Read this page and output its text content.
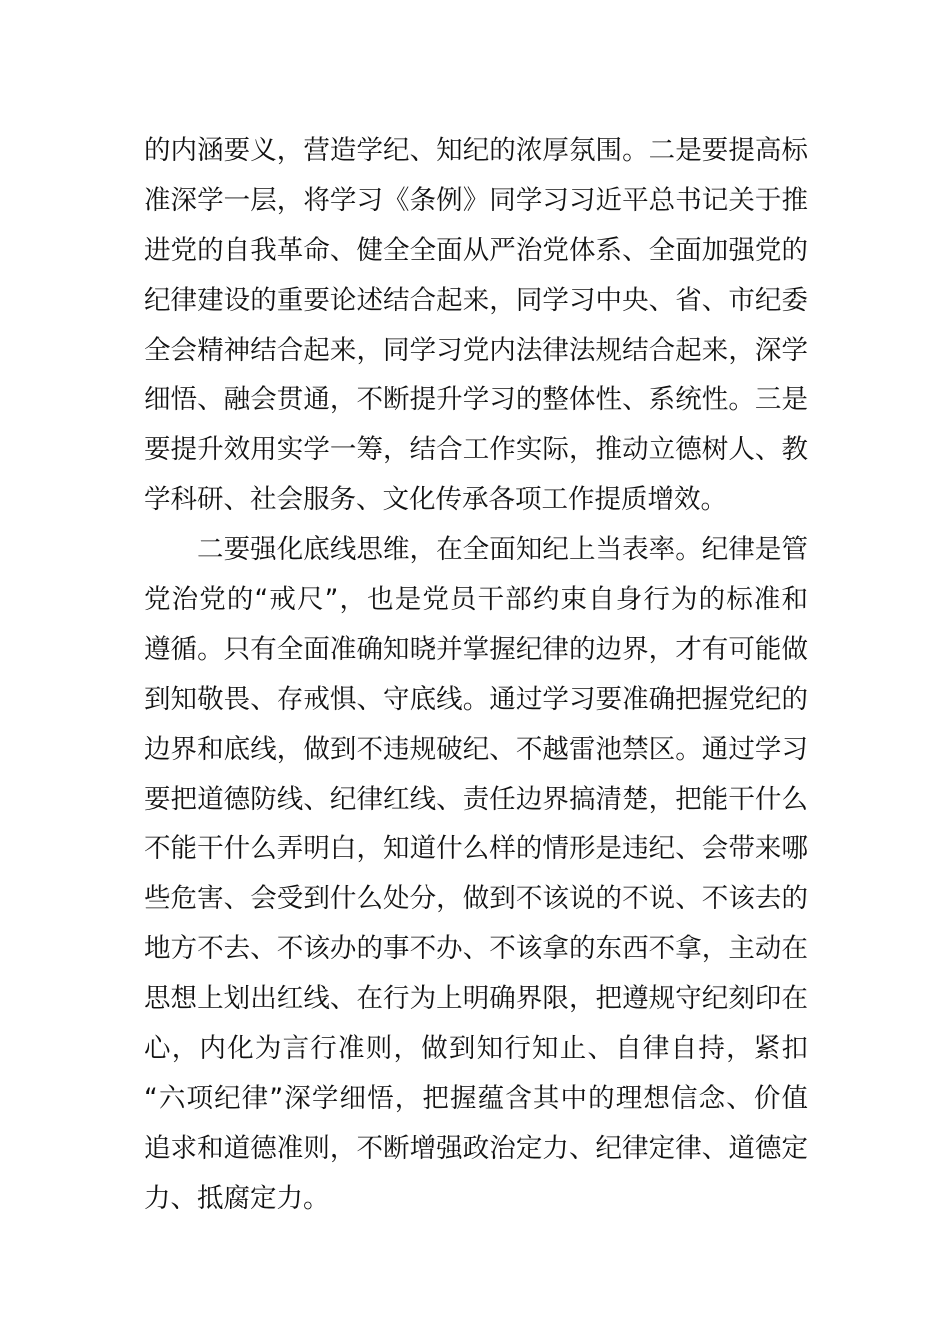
的内涵要义，营造学纪、知纪的浓厚氛围。二是要提高标
准深学一层，将学习《条例》同学习习近平总书记关于推
进党的自我革命、健全全面从严治党体系、全面加强党的
纪律建设的重要论述结合起来，同学习中央、省、市纪委
全会精神结合起来，同学习党内法律法规结合起来，深学
细悟、融会贯通，不断提升学习的整体性、系统性。三是
要提升效用实学一筹，结合工作实际，推动立德树人、教
学科研、社会服务、文化传承各项工作提质增效。
二要强化底线思维，在全面知纪上当表率。纪律是管
党治党的“戒尺”，也是党员干部约束自身行为的标准和
遵循。只有全面准确知晓并掌握纪律的边界，才有可能做
到知敬畏、存戒惧、守底线。通过学习要准确把握党纪的
边界和底线，做到不违规破纪、不越雷池禁区。通过学习
要把道德防线、纪律红线、责任边界搞清楚，把能干什么
不能干什么弄明白，知道什么样的情形是违纪、会带来哪
些危害、会受到什么处分，做到不该说的不说、不该去的
地方不去、不该办的事不办、不该拿的东西不拿，主动在
思想上划出红线、在行为上明确界限，把遵规守纪刻印在
心，内化为言行准则，做到知行知止、自律自持，紧扣
“六项纪律”深学细悟，把握蕴含其中的理想信念、价值
追求和道德准则，不断增强政治定力、纪律定律、道德定
力、抵腐定力。
